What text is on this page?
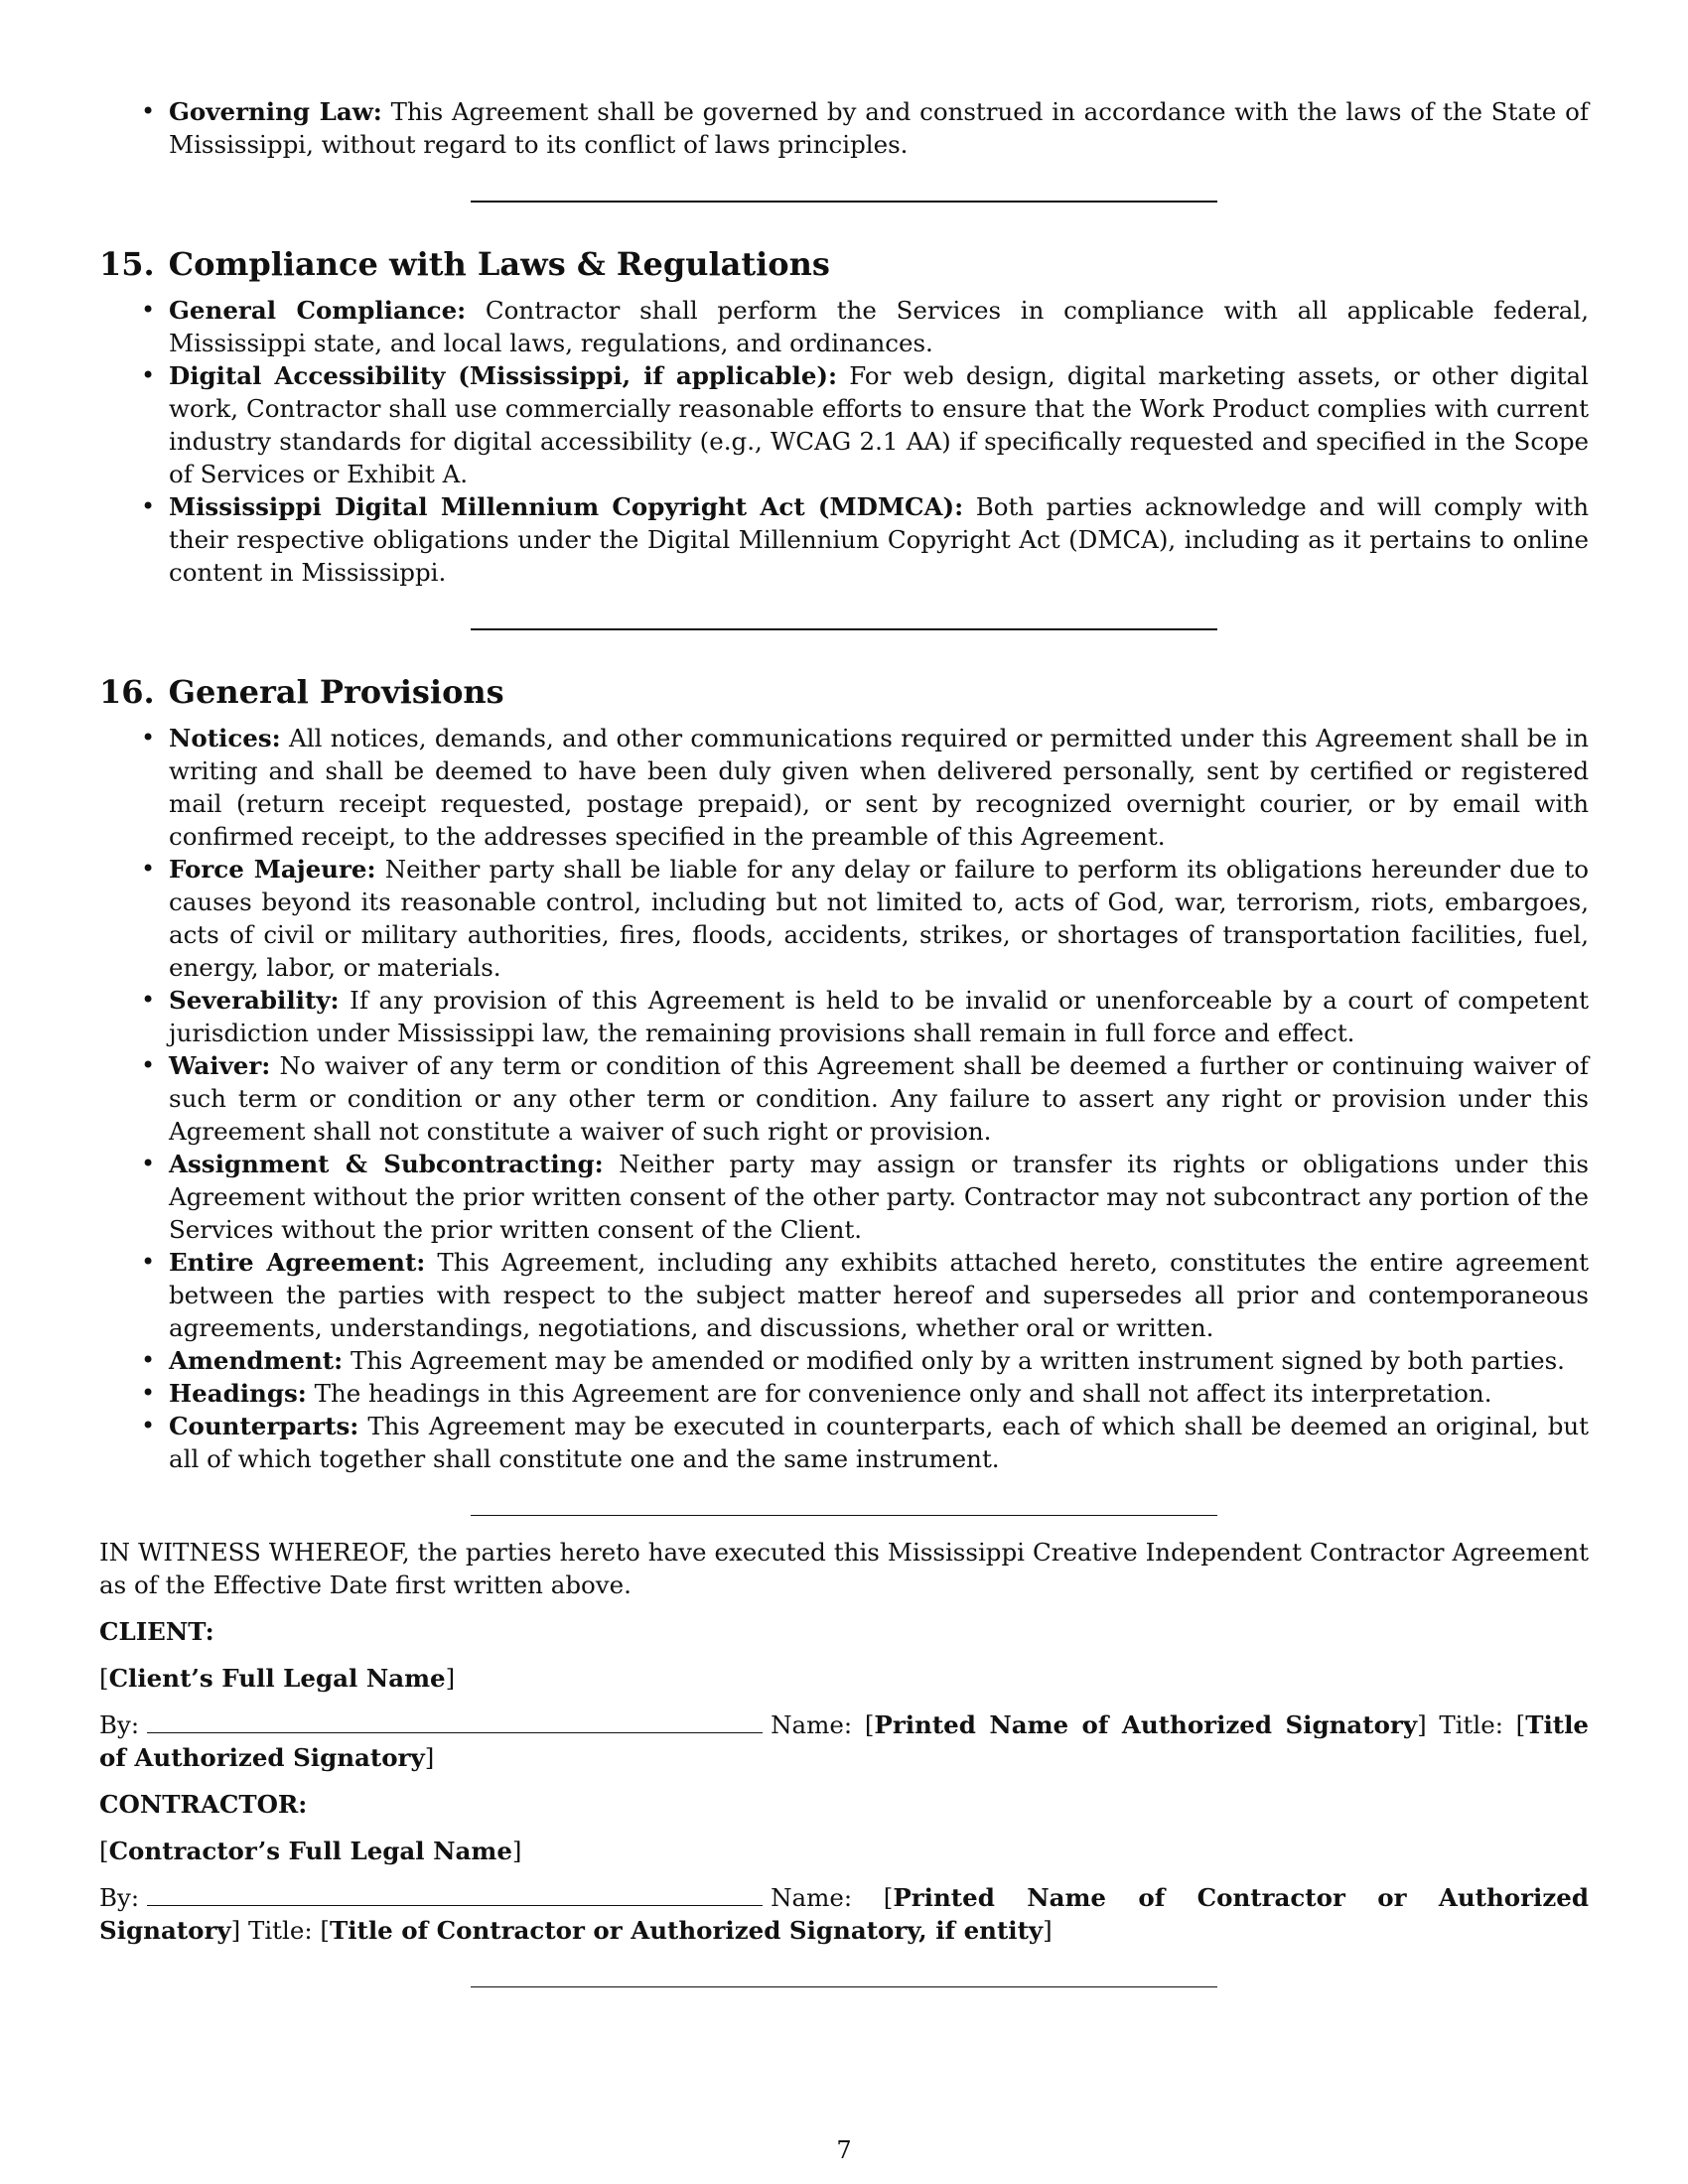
• Governing Law: This Agreement shall be governed by and construed in accordance with the laws of the State of Mississippi, without regard to its conflict of laws principles.
15. Compliance with Laws & Regulations
• General Compliance: Contractor shall perform the Services in compliance with all applicable federal, Mississippi state, and local laws, regulations, and ordinances.
• Digital Accessibility (Mississippi, if applicable): For web design, digital marketing assets, or other digital work, Contractor shall use commercially reasonable efforts to ensure that the Work Product complies with current industry standards for digital accessibility (e.g., WCAG 2.1 AA) if specifically requested and specified in the Scope of Services or Exhibit A.
• Mississippi Digital Millennium Copyright Act (MDMCA): Both parties acknowledge and will comply with their respective obligations under the Digital Millennium Copyright Act (DMCA), including as it pertains to online content in Mississippi.
16. General Provisions
• Notices: All notices, demands, and other communications required or permitted under this Agreement shall be in writing and shall be deemed to have been duly given when delivered personally, sent by certified or registered mail (return receipt requested, postage prepaid), or sent by recognized overnight courier, or by email with confirmed receipt, to the addresses specified in the preamble of this Agreement.
• Force Majeure: Neither party shall be liable for any delay or failure to perform its obligations hereunder due to causes beyond its reasonable control, including but not limited to, acts of God, war, terrorism, riots, embargoes, acts of civil or military authorities, fires, floods, accidents, strikes, or shortages of transportation facilities, fuel, energy, labor, or materials.
• Severability: If any provision of this Agreement is held to be invalid or unenforceable by a court of competent jurisdiction under Mississippi law, the remaining provisions shall remain in full force and effect.
• Waiver: No waiver of any term or condition of this Agreement shall be deemed a further or continuing waiver of such term or condition or any other term or condition. Any failure to assert any right or provision under this Agreement shall not constitute a waiver of such right or provision.
• Assignment & Subcontracting: Neither party may assign or transfer its rights or obligations under this Agreement without the prior written consent of the other party. Contractor may not subcontract any portion of the Services without the prior written consent of the Client.
• Entire Agreement: This Agreement, including any exhibits attached hereto, constitutes the entire agreement between the parties with respect to the subject matter hereof and supersedes all prior and contemporaneous agreements, understandings, negotiations, and discussions, whether oral or written.
• Amendment: This Agreement may be amended or modified only by a written instrument signed by both parties.
• Headings: The headings in this Agreement are for convenience only and shall not affect its interpretation.
• Counterparts: This Agreement may be executed in counterparts, each of which shall be deemed an original, but all of which together shall constitute one and the same instrument.

IN WITNESS WHEREOF, the parties hereto have executed this Mississippi Creative Independent Contractor Agreement as of the Effective Date first written above.

CLIENT:

[Client’s Full Legal Name]

By:	Name: [Printed Name of Authorized Signatory] Title: [Title of Authorized Signatory]

CONTRACTOR:

[Contractor’s Full Legal Name]

By:	Name: [Printed Name of Contractor or Authorized Signatory] Title: [Title of Contractor or Authorized Signatory, if entity]

7
